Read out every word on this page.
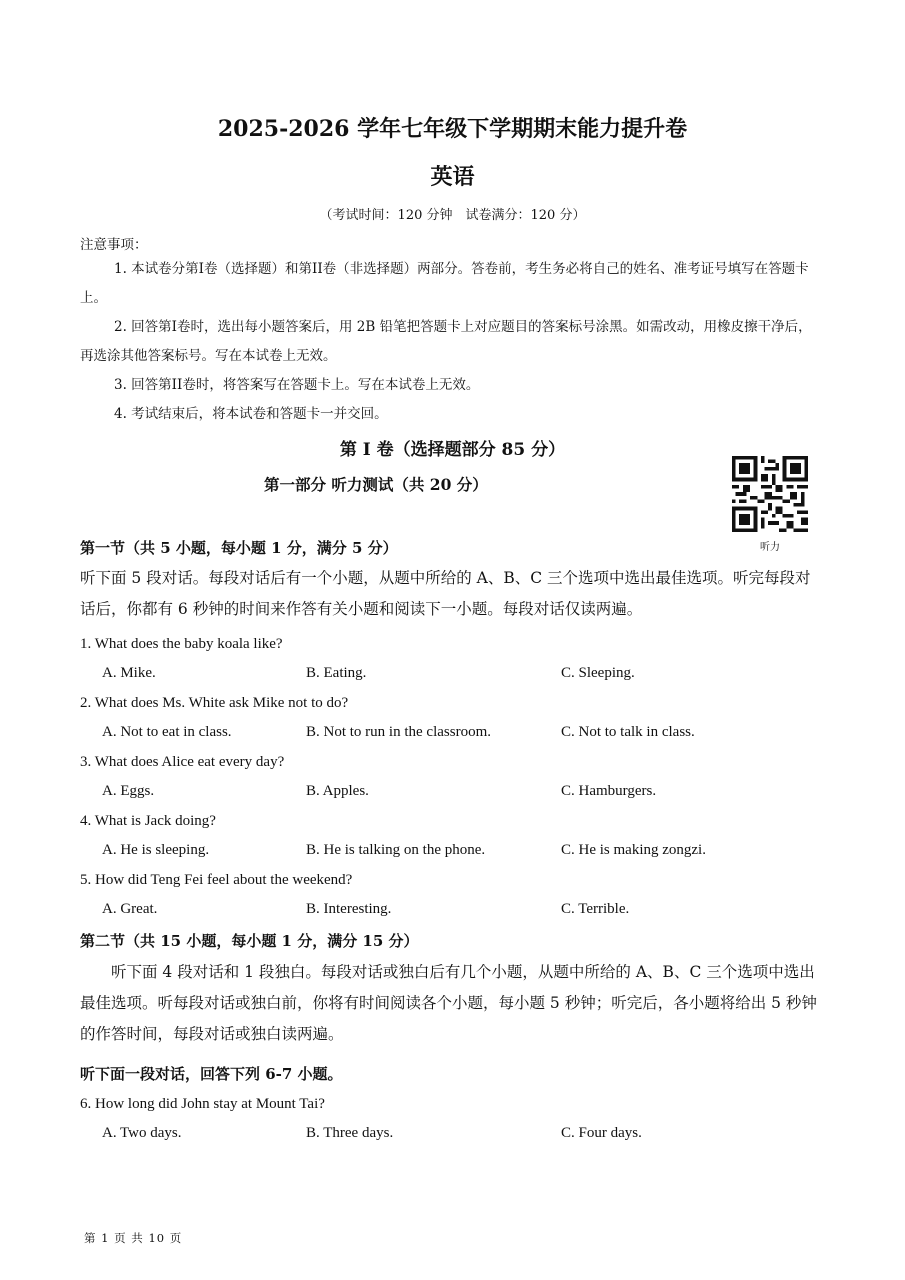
2025-2026 学年七年级下学期期末能力提升卷
英语
（考试时间：120 分钟　试卷满分：120 分）
注意事项：
1. 本试卷分第I卷（选择题）和第II卷（非选择题）两部分。答卷前，考生务必将自己的姓名、准考证号填写在答题卡上。
2. 回答第I卷时，选出每小题答案后，用 2B 铅笔把答题卡上对应题目的答案标号涂黑。如需改动，用橡皮擦干净后，再选涂其他答案标号。写在本试卷上无效。
3. 回答第II卷时，将答案写在答题卡上。写在本试卷上无效。
4. 考试结束后，将本试卷和答题卡一并交回。
第 I 卷（选择题部分 85 分）
第一部分 听力测试（共 20 分）
听力
第一节（共 5 小题，每小题 1 分，满分 5 分）
听下面 5 段对话。每段对话后有一个小题，从题中所给的 A、B、C 三个选项中选出最佳选项。听完每段对话后，你都有 6 秒钟的时间来作答有关小题和阅读下一小题。每段对话仅读两遍。
1. What does the baby koala like?
A. Mike.	B. Eating.	C. Sleeping.
2. What does Ms. White ask Mike not to do?
A. Not to eat in class.	B. Not to run in the classroom.	C. Not to talk in class.
3. What does Alice eat every day?
A. Eggs.	B. Apples.	C. Hamburgers.
4. What is Jack doing?
A. He is sleeping.	B. He is talking on the phone.	C. He is making zongzi.
5. How did Teng Fei feel about the weekend?
A. Great.	B. Interesting.	C. Terrible.
第二节（共 15 小题，每小题 1 分，满分 15 分）
听下面 4 段对话和 1 段独白。每段对话或独白后有几个小题，从题中所给的 A、B、C 三个选项中选出最佳选项。听每段对话或独白前，你将有时间阅读各个小题，每小题 5 秒钟；听完后，各小题将给出 5 秒钟的作答时间，每段对话或独白读两遍。
听下面一段对话，回答下列 6-7 小题。
6. How long did John stay at Mount Tai?
A. Two days.	B. Three days.	C. Four days.
第 1 页 共 10 页
